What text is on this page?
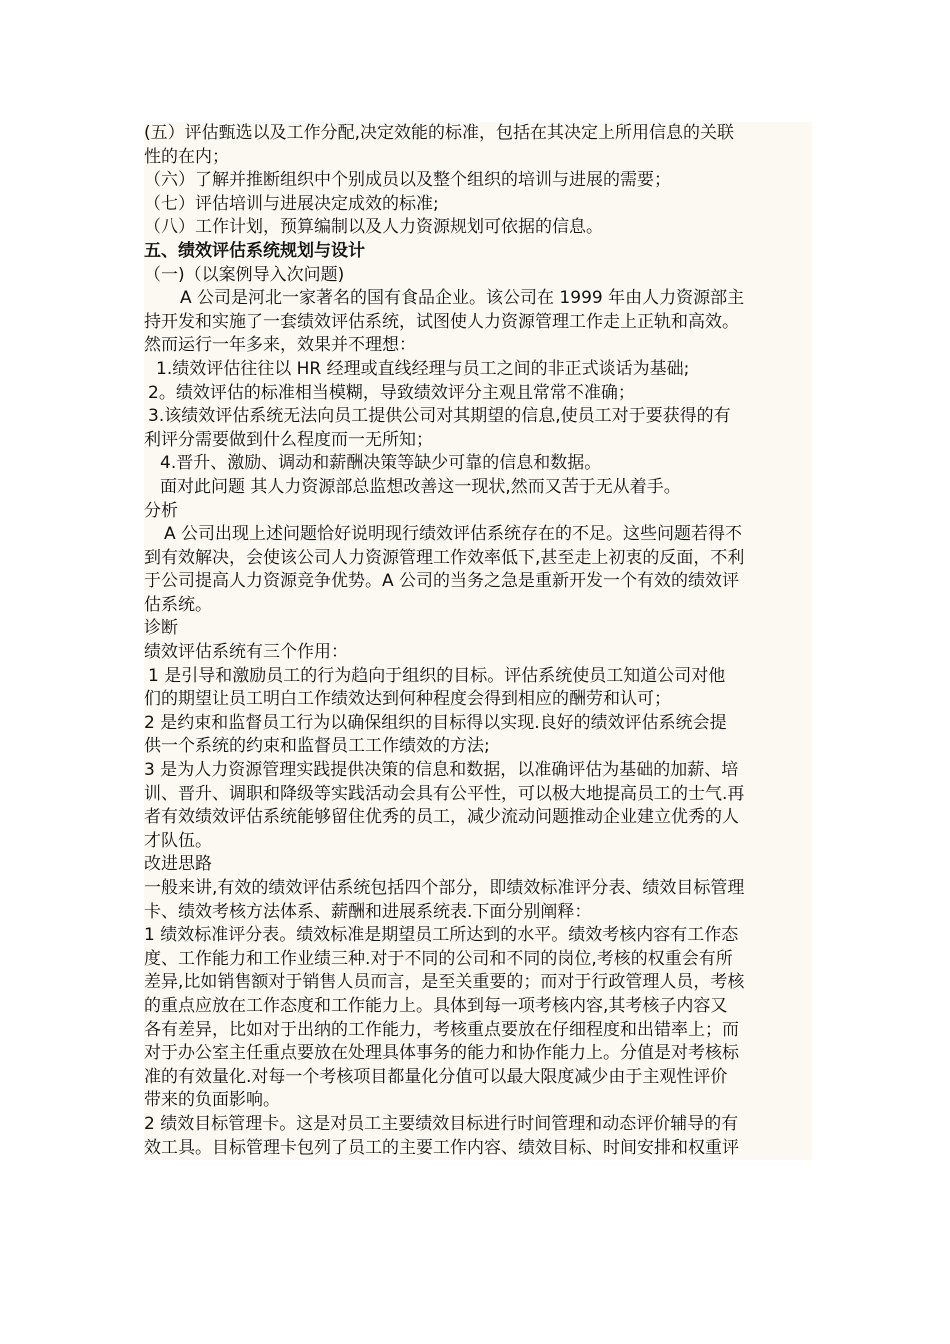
(五）评估甄选以及工作分配,决定效能的标准，包括在其决定上所用信息的关联

性的在内；

（六）了解并推断组织中个别成员以及整个组织的培训与进展的需要；

（七）评估培训与进展决定成效的标准;

（八）工作计划，预算编制以及人力资源规划可依据的信息。

五、绩效评估系统规划与设计

（一)（以案例导入次问题)

A 公司是河北一家著名的国有食品企业。该公司在 1999 年由人力资源部主

持开发和实施了一套绩效评估系统，试图使人力资源管理工作走上正轨和高效。

然而运行一年多来，效果并不理想：

1.绩效评估往往以 HR 经理或直线经理与员工之间的非正式谈话为基础;

2。绩效评估的标准相当模糊，导致绩效评分主观且常常不准确；

3.该绩效评估系统无法向员工提供公司对其期望的信息,使员工对于要获得的有

利评分需要做到什么程度而一无所知；

4.晋升、激励、调动和薪酬决策等缺少可靠的信息和数据。

面对此问题 其人力资源部总监想改善这一现状,然而又苦于无从着手。

分析

A 公司出现上述问题恰好说明现行绩效评估系统存在的不足。这些问题若得不

到有效解决，会使该公司人力资源管理工作效率低下,甚至走上初衷的反面，不利

于公司提高人力资源竞争优势。A 公司的当务之急是重新开发一个有效的绩效评

估系统。

诊断

绩效评估系统有三个作用：

1 是引导和激励员工的行为趋向于组织的目标。评估系统使员工知道公司对他

们的期望让员工明白工作绩效达到何种程度会得到相应的酬劳和认可；

2 是约束和监督员工行为以确保组织的目标得以实现.良好的绩效评估系统会提

供一个系统的约束和监督员工工作绩效的方法;

3 是为人力资源管理实践提供决策的信息和数据，以准确评估为基础的加薪、培

训、晋升、调职和降级等实践活动会具有公平性，可以极大地提高员工的士气.再

者有效绩效评估系统能够留住优秀的员工，减少流动问题推动企业建立优秀的人

才队伍。

改进思路

一般来讲,有效的绩效评估系统包括四个部分，即绩效标准评分表、绩效目标管理

卡、绩效考核方法体系、薪酬和进展系统表.下面分别阐释：

1 绩效标准评分表。绩效标准是期望员工所达到的水平。绩效考核内容有工作态

度、工作能力和工作业绩三种.对于不同的公司和不同的岗位,考核的权重会有所

差异,比如销售额对于销售人员而言，是至关重要的；而对于行政管理人员，考核

的重点应放在工作态度和工作能力上。具体到每一项考核内容,其考核子内容又

各有差异，比如对于出纳的工作能力，考核重点要放在仔细程度和出错率上；而

对于办公室主任重点要放在处理具体事务的能力和协作能力上。分值是对考核标

准的有效量化.对每一个考核项目都量化分值可以最大限度减少由于主观性评价

带来的负面影响。

2 绩效目标管理卡。这是对员工主要绩效目标进行时间管理和动态评价辅导的有

效工具。目标管理卡包列了员工的主要工作内容、绩效目标、时间安排和权重评
